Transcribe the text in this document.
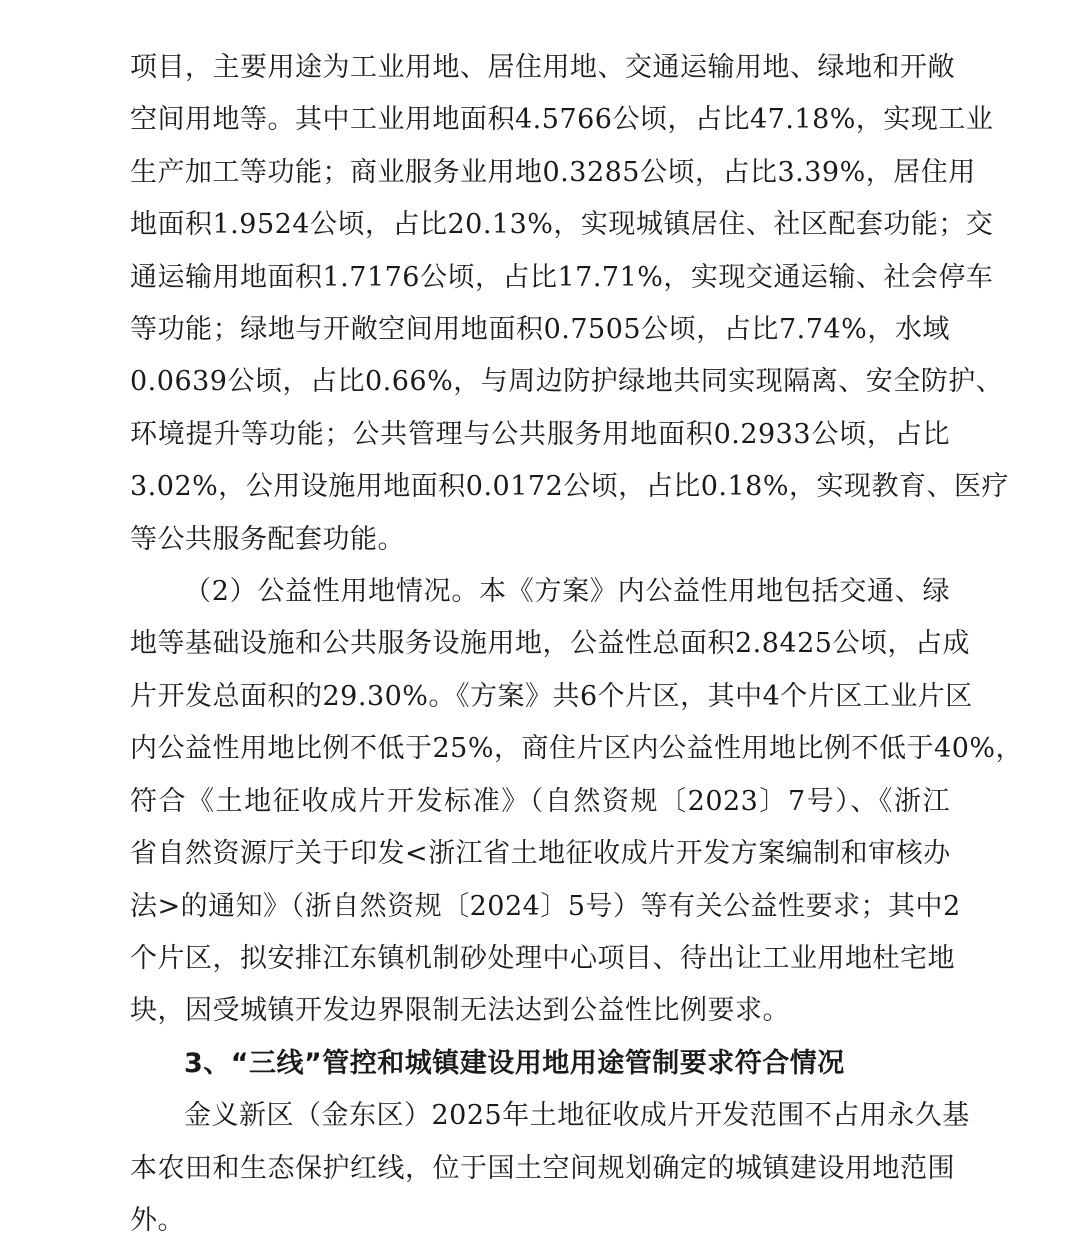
项目，主要用途为工业用地、居住用地、交通运输用地、绿地和开敞
空间用地等。其中工业用地面积4.5766公顷，占比47.18%，实现工业
生产加工等功能；商业服务业用地0.3285公顷，占比3.39%，居住用
地面积1.9524公顷，占比20.13%，实现城镇居住、社区配套功能；交
通运输用地面积1.7176公顷，占比17.71%，实现交通运输、社会停车
等功能；绿地与开敞空间用地面积0.7505公顷，占比7.74%，水域
0.0639公顷，占比0.66%，与周边防护绿地共同实现隔离、安全防护、
环境提升等功能；公共管理与公共服务用地面积0.2933公顷，占比
3.02%，公用设施用地面积0.0172公顷，占比0.18%，实现教育、医疗
等公共服务配套功能。

（2）公益性用地情况。本《方案》内公益性用地包括交通、绿
地等基础设施和公共服务设施用地，公益性总面积2.8425公顷，占成
片开发总面积的29.30%。《方案》共6个片区，其中4个片区工业片区
内公益性用地比例不低于25%，商住片区内公益性用地比例不低于40%，
符合《土地征收成片开发标准》（自然资规〔2023〕7号）、《浙江
省自然资源厅关于印发<浙江省土地征收成片开发方案编制和审核办
法>的通知》（浙自然资规〔2024〕5号）等有关公益性要求；其中2
个片区，拟安排江东镇机制砂处理中心项目、待出让工业用地杜宅地
块，因受城镇开发边界限制无法达到公益性比例要求。

3、“三线”管控和城镇建设用地用途管制要求符合情况

金义新区（金东区）2025年土地征收成片开发范围不占用永久基
本农田和生态保护红线，位于国土空间规划确定的城镇建设用地范围
外。
